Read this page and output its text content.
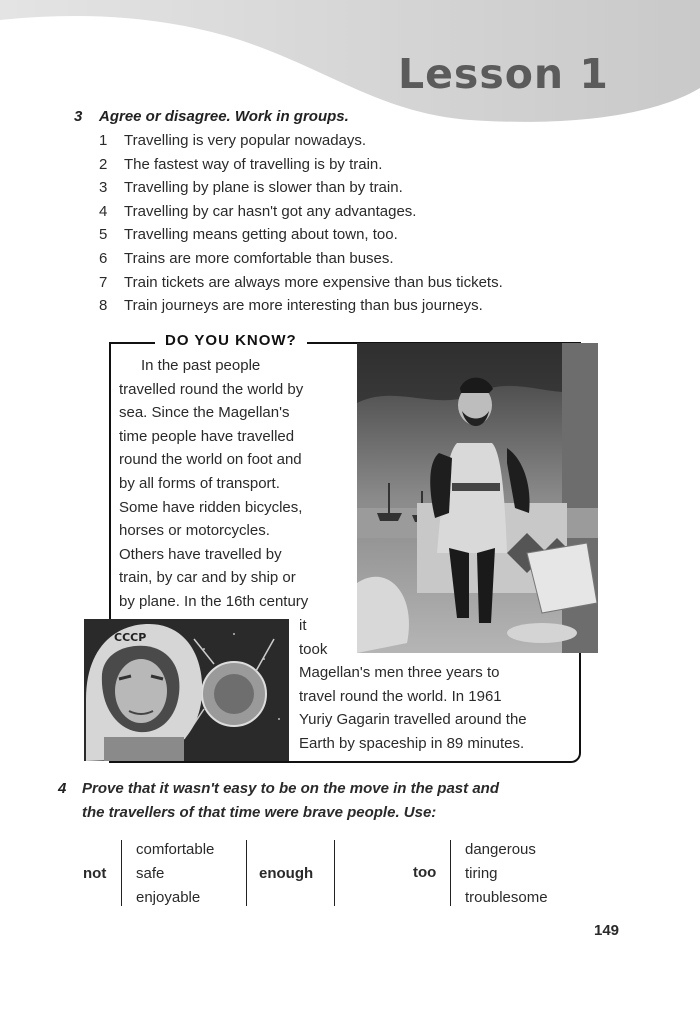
Lesson 1
3 Agree or disagree. Work in groups.
1 Travelling is very popular nowadays.
2 The fastest way of travelling is by train.
3 Travelling by plane is slower than by train.
4 Travelling by car hasn't got any advantages.
5 Travelling means getting about town, too.
6 Trains are more comfortable than buses.
7 Train tickets are always more expensive than bus tickets.
8 Train journeys are more interesting than bus journeys.
DO YOU KNOW?
CCCP
In the past people
travelled round the world by
sea. Since the Magellan's
time people have travelled
round the world on foot and
by all forms of transport.
Some have ridden bicycles,
horses or motorcycles.
Others have travelled by
train, by car and by ship or
by plane. In the 16th century
it
took
Magellan's men three years to
travel round the world. In 1961
Yuriy Gagarin travelled around the
Earth by spaceship in 89 minutes.
4 Prove that it wasn't easy to be on the move in the past and
the travellers of that time were brave people. Use:
not
comfortable
safe
enjoyable
enough	too
dangerous
tiring
troublesome
149
